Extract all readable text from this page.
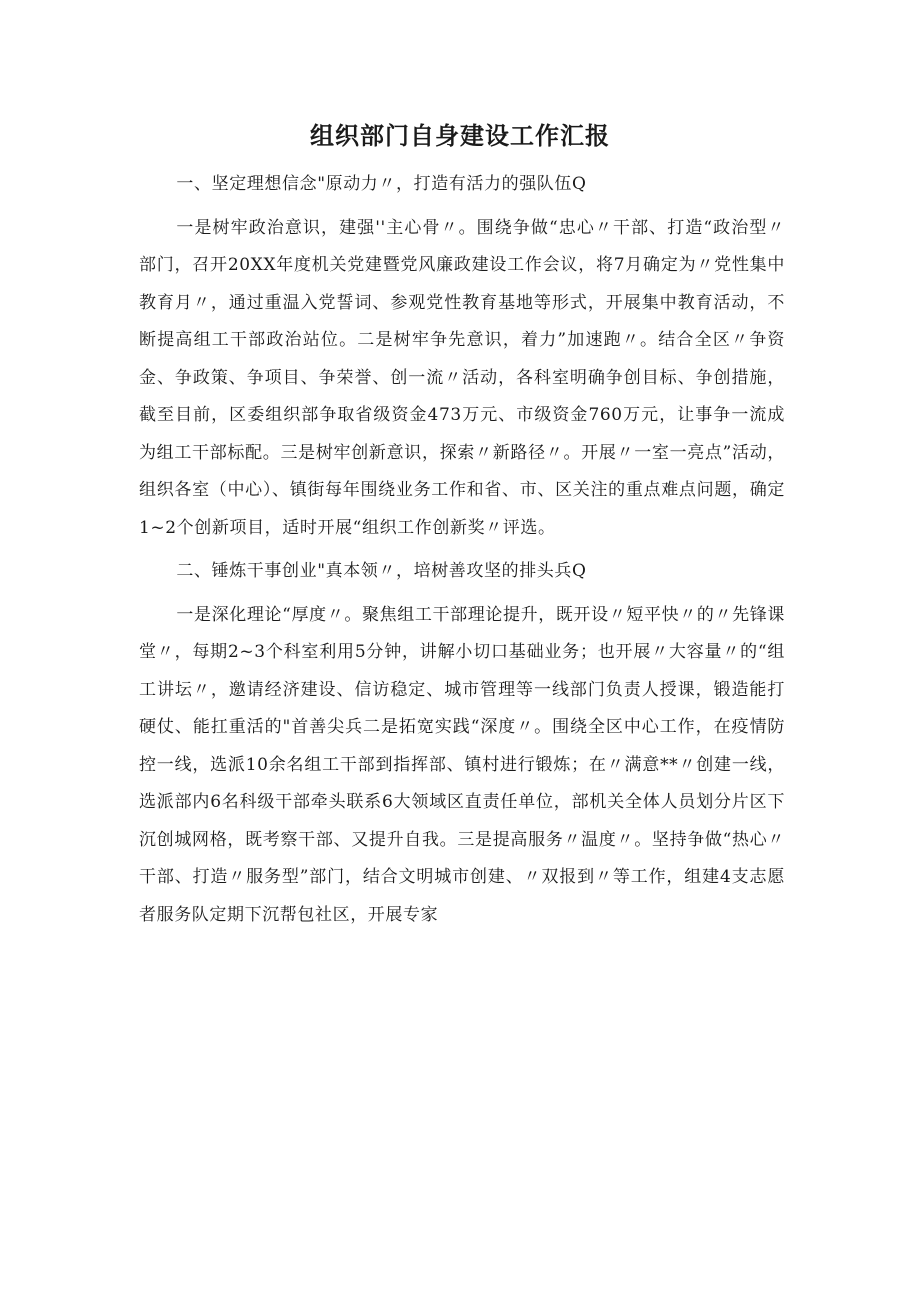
组织部门自身建设工作汇报

一、坚定理想信念"原动力〃，打造有活力的强队伍Q

一是树牢政治意识，建强''主心骨〃。围绕争做“忠心〃干部、打造“政治型〃部门，召开20XX年度机关党建暨党风廉政建设工作会议，将7月确定为〃党性集中教育月〃，通过重温入党誓词、参观党性教育基地等形式，开展集中教育活动，不断提高组工干部政治站位。二是树牢争先意识，着力”加速跑〃。结合全区〃争资金、争政策、争项目、争荣誉、创一流〃活动，各科室明确争创目标、争创措施，截至目前，区委组织部争取省级资金473万元、市级资金760万元，让事争一流成为组工干部标配。三是树牢创新意识，探索〃新路径〃。开展〃一室一亮点”活动，组织各室（中心）、镇街每年围绕业务工作和省、市、区关注的重点难点问题，确定1~2个创新项目，适时开展“组织工作创新奖〃评选。

二、锤炼干事创业"真本领〃，培树善攻坚的排头兵Q

一是深化理论“厚度〃。聚焦组工干部理论提升，既开设〃短平快〃的〃先锋课堂〃，每期2~3个科室利用5分钟，讲解小切口基础业务；也开展〃大容量〃的“组工讲坛〃，邀请经济建设、信访稳定、城市管理等一线部门负责人授课，锻造能打硬仗、能扛重活的"首善尖兵二是拓宽实践“深度〃。围绕全区中心工作，在疫情防控一线，选派10余名组工干部到指挥部、镇村进行锻炼；在〃满意**〃创建一线，选派部内6名科级干部牵头联系6大领域区直责任单位，部机关全体人员划分片区下沉创城网格，既考察干部、又提升自我。三是提高服务〃温度〃。坚持争做“热心〃干部、打造〃服务型”部门，结合文明城市创建、〃双报到〃等工作，组建4支志愿者服务队定期下沉帮包社区，开展专家
